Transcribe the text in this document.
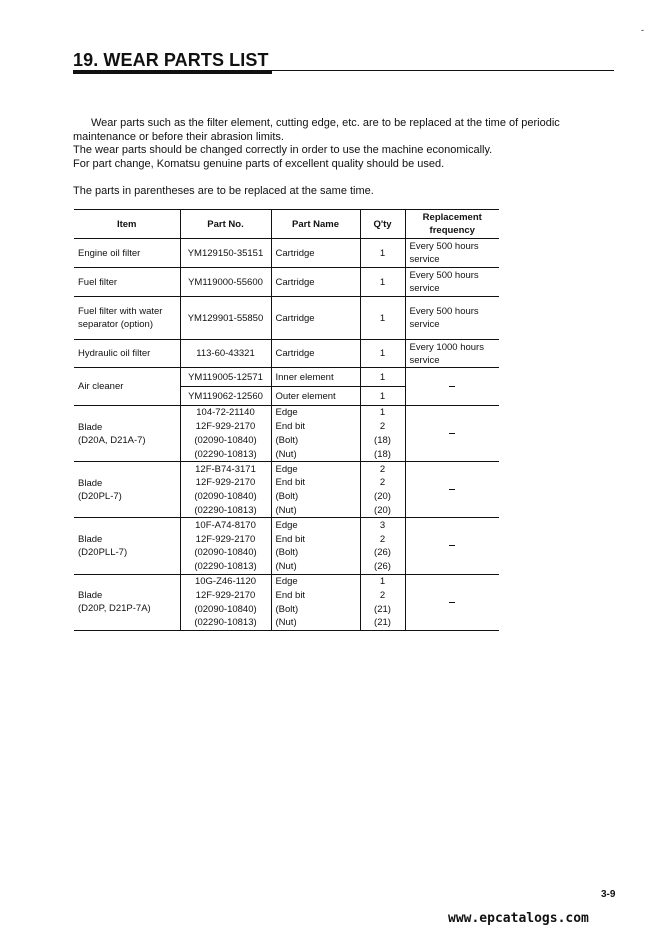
-
19. WEAR PARTS LIST

Wear parts such as the filter element, cutting edge, etc. are to be replaced at the time of periodic maintenance or before their abrasion limits.

The wear parts should be changed correctly in order to use the machine economically.

For part change, Komatsu genuine parts of excellent quality should be used.

The parts in parentheses are to be replaced at the same time.
Item	Part No.	Part Name	Q'ty	Replacement frequency
Engine oil filter	YM129150-35151	Cartridge	1	Every 500 hours service
Fuel filter	YM119000-55600	Cartridge	1	Every 500 hours service
Fuel filter with water separator (option)	YM129901-55850	Cartridge	1	Every 500 hours service
Hydraulic oil filter	113-60-43321	Cartridge	1	Every 1000 hours service
Air cleaner	YM119005-12571	Inner element	1	
	YM119062-12560	Outer element	1	

Blade
(D20A, D21A-7)	104-72-21140	Edge	1	
	12F-929-2170	End bit	2	
	(02090-10840)	(Bolt)	(18)	
	(02290-10813)	(Nut)	(18)	

Blade
(D20PL-7)	12F-B74-3171	Edge	2	
	12F-929-2170	End bit	2	
	(02090-10840)	(Bolt)	(20)	
	(02290-10813)	(Nut)	(20)	

Blade
(D20PLL-7)	10F-A74-8170	Edge	3	
	12F-929-2170	End bit	2	
	(02090-10840)	(Bolt)	(26)	
	(02290-10813)	(Nut)	(26)	

Blade
(D20P, D21P-7A)	10G-Z46-1120	Edge	1	
	12F-929-2170	End bit	2	
	(02090-10840)	(Bolt)	(21)	
	(02290-10813)	(Nut)	(21)	
3-9
www.epcatalogs.com
